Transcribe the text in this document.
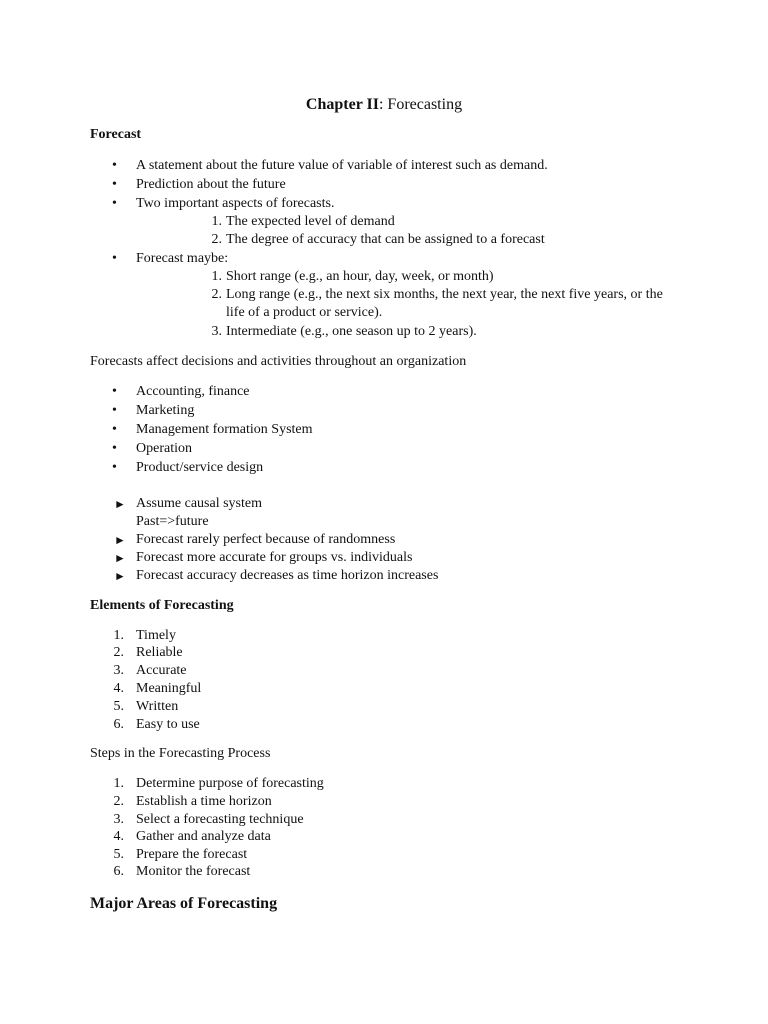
Chapter II: Forecasting
Forecast
•	A statement about the future value of variable of interest such as demand.
•	Prediction about the future
•	Two important aspects of forecasts.
1. The expected level of demand
2. The degree of accuracy that can be assigned to a forecast
•	Forecast maybe:
1. Short range (e.g., an hour, day, week, or month)
2. Long range (e.g., the next six months, the next year, the next five years, or the life of a product or service).
3. Intermediate (e.g., one season up to 2 years).
Forecasts affect decisions and activities throughout an organization
•	Accounting, finance
•	Marketing
•	Management formation System
•	Operation
•	Product/service design
► Assume causal system
Past=>future
► Forecast rarely perfect because of randomness
► Forecast more accurate for groups vs. individuals
► Forecast accuracy decreases as time horizon increases
Elements of Forecasting
1. Timely
2. Reliable
3. Accurate
4. Meaningful
5. Written
6. Easy to use
Steps in the Forecasting Process
1. Determine purpose of forecasting
2. Establish a time horizon
3. Select a forecasting technique
4. Gather and analyze data
5. Prepare the forecast
6. Monitor the forecast
Major Areas of Forecasting
